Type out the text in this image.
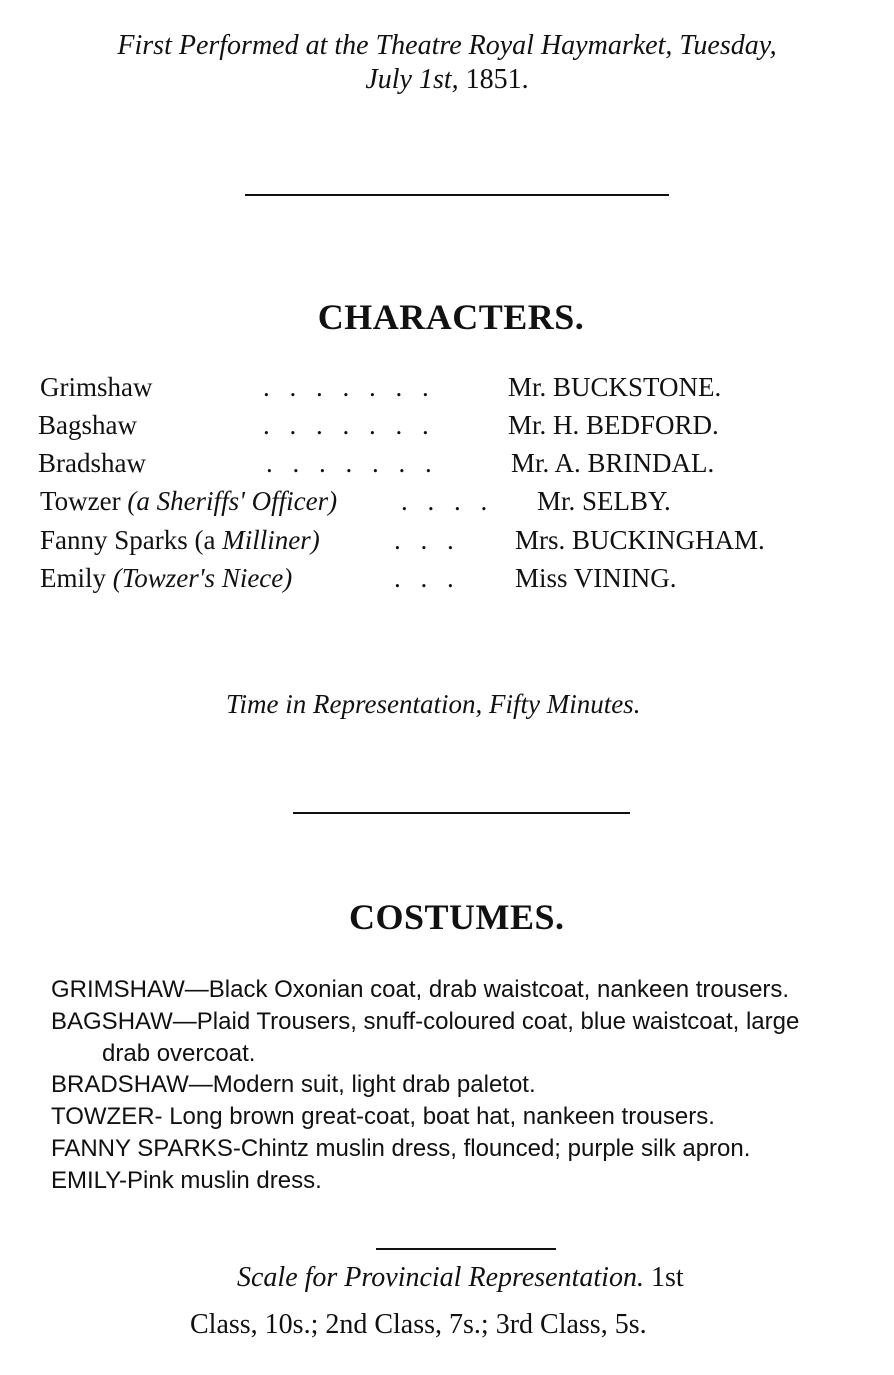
First Performed at the Theatre Royal Haymarket, Tuesday,
July 1st, 1851.
CHARACTERS.
Grimshaw	. . . . . . .	Mr. BUCKSTONE.
Bagshaw	. . . . . . .	Mr. H. BEDFORD.
Bradshaw	. . . . . . .	Mr. A. BRINDAL.
Towzer (a Sheriffs' Officer) . . . . Mr. SELBY.
Fanny Sparks (a Milliner)	. . . Mrs. BUCKINGHAM.
Emily (Towzer's Niece)	. . . Miss VINING.
Time in Representation, Fifty Minutes.
COSTUMES.
GRIMSHAW—Black Oxonian coat, drab waistcoat, nankeen trousers.
BAGSHAW—Plaid Trousers, snuff-coloured coat, blue waistcoat, large
drab overcoat.
BRADSHAW—Modern suit, light drab paletot.
TOWZER- Long brown great-coat, boat hat, nankeen trousers.
FANNY SPARKS-Chintz muslin dress, flounced; purple silk apron.
EMILY-Pink muslin dress.
Scale for Provincial Representation. 1st
Class, 10s.; 2nd Class, 7s.; 3rd Class, 5s.
